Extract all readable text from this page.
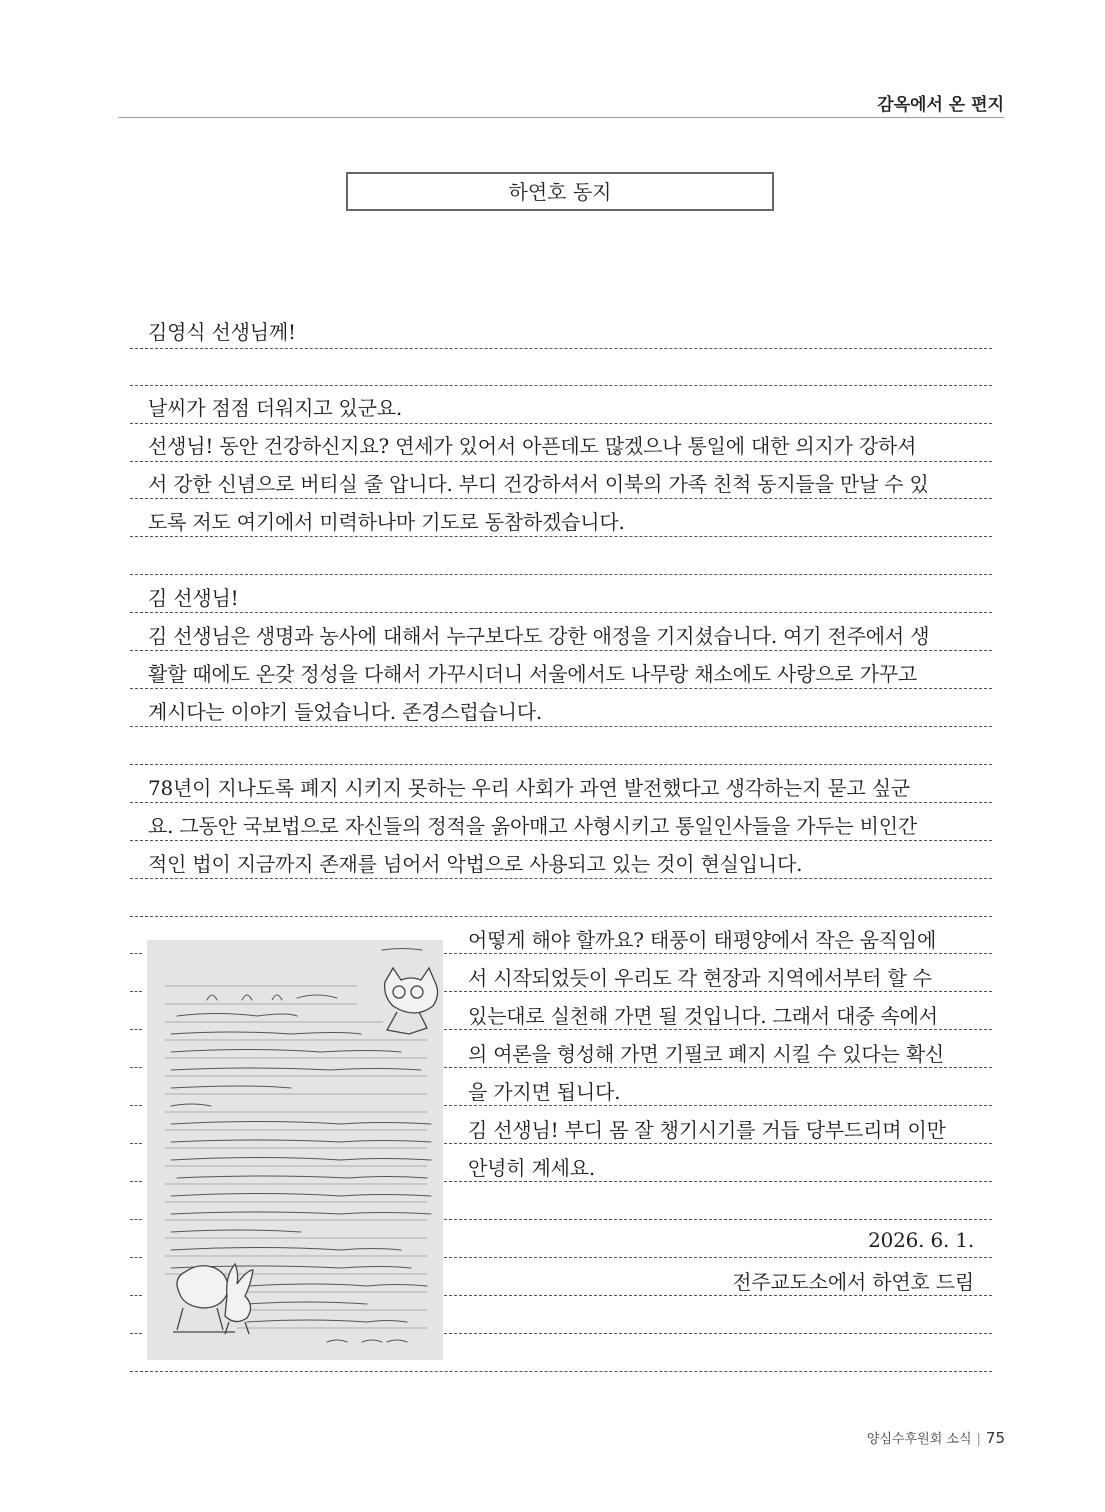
감옥에서 온 편지
하연호 동지
김영식 선생님께!
날씨가 점점 더워지고 있군요.
선생님! 동안 건강하신지요? 연세가 있어서 아픈데도 많겠으나 통일에 대한 의지가 강하셔
서 강한 신념으로 버티실 줄 압니다. 부디 건강하셔서 이북의 가족 친척 동지들을 만날 수 있
도록 저도 여기에서 미력하나마 기도로 동참하겠습니다.
김 선생님!
김 선생님은 생명과 농사에 대해서 누구보다도 강한 애정을 기지셨습니다. 여기 전주에서 생
활할 때에도 온갖 정성을 다해서 가꾸시더니 서울에서도 나무랑 채소에도 사랑으로 가꾸고
계시다는 이야기 들었습니다. 존경스럽습니다.
78년이 지나도록 폐지 시키지 못하는 우리 사회가 과연 발전했다고 생각하는지 묻고 싶군
요. 그동안 국보법으로 자신들의 정적을 옭아매고 사형시키고 통일인사들을 가두는 비인간
적인 법이 지금까지 존재를 넘어서 악법으로 사용되고 있는 것이 현실입니다.
어떻게 해야 할까요? 태풍이 태평양에서 작은 움직임에
서 시작되었듯이 우리도 각 현장과 지역에서부터 할 수
있는대로 실천해 가면 될 것입니다. 그래서 대중 속에서
의 여론을 형성해 가면 기필코 폐지 시킬 수 있다는 확신
을 가지면 됩니다.
김 선생님! 부디 몸 잘 챙기시기를 거듭 당부드리며 이만
안녕히 계세요.
2026. 6. 1.
전주교도소에서 하연호 드림
양심수후원회 소식 | 75
